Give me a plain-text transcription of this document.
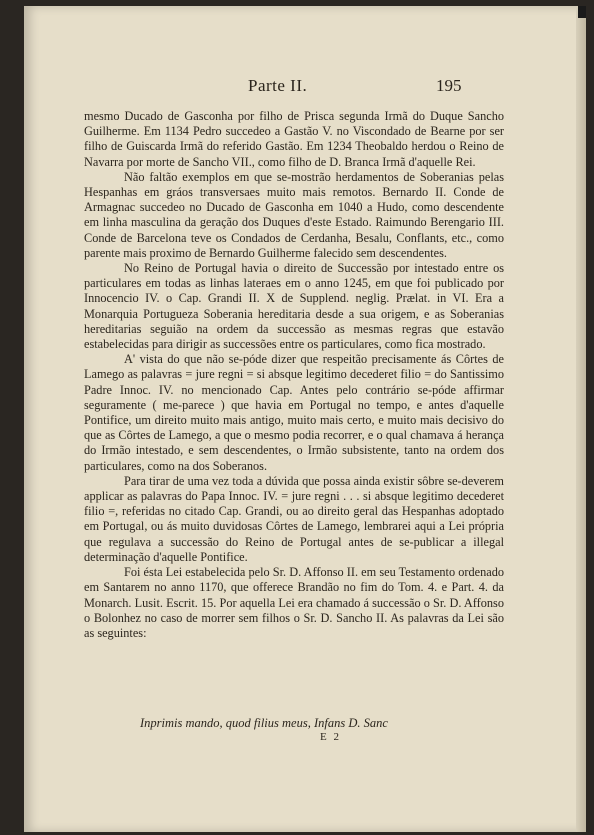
Parte II.	195

mesmo Ducado de Gasconha por filho de Prisca segunda Irmã do Duque Sancho Guilherme. Em 1134 Pedro succedeo a Gastão V. no Viscondado de Bearne por ser filho de Guiscarda Irmã do referido Gastão. Em 1234 Theobaldo herdou o Reino de Navarra por morte de Sancho VII., como filho de D. Branca Irmã d'aquelle Rei.

Não faltão exemplos em que se-mostrão herdamentos de Soberanias pelas Hespanhas em gráos transversaes muito mais remotos. Bernardo II. Conde de Armagnac succedeo no Ducado de Gasconha em 1040 a Hudo, como descendente em linha masculina da geração dos Duques d'este Estado. Raimundo Berengario III. Conde de Barcelona teve os Condados de Cerdanha, Besalu, Conflants, etc., como parente mais proximo de Bernardo Guilherme falecido sem descendentes.

No Reino de Portugal havia o direito de Successão por intestado entre os particulares em todas as linhas lateraes em o anno 1245, em que foi publicado por Innocencio IV. o Cap. Grandi II. X de Supplend. neglig. Prælat. in VI. Era a Monarquia Portugueza Soberania hereditaria desde a sua origem, e as Soberanias hereditarias seguião na ordem da successão as mesmas regras que estavão estabelecidas para dirigir as successões entre os particulares, como fica mostrado.

A' vista do que não se-póde dizer que respeitão precisamente ás Côrtes de Lamego as palavras = jure regni = si absque legitimo decederet filio = do Santissimo Padre Innoc. IV. no mencionado Cap. Antes pelo contrário se-póde affirmar seguramente ( me-parece ) que havia em Portugal no tempo, e antes d'aquelle Pontifice, um direito muito mais antigo, muito mais certo, e muito mais decisivo do que as Côrtes de Lamego, a que o mesmo podia recorrer, e o qual chamava á herança do Irmão intestado, e sem descendentes, o Irmão subsistente, tanto na ordem dos particulares, como na dos Soberanos.

Para tirar de uma vez toda a dúvida que possa ainda existir sôbre se-deverem applicar as palavras do Papa Innoc. IV. = jure regni . . . si absque legitimo decederet filio =, referidas no citado Cap. Grandi, ou ao direito geral das Hespanhas adoptado em Portugal, ou ás muito duvidosas Côrtes de Lamego, lembrarei aqui a Lei própria que regulava a successão do Reino de Portugal antes de se-publicar a illegal determinação d'aquelle Pontifice.

Foi ésta Lei estabelecida pelo Sr. D. Affonso II. em seu Testamento ordenado em Santarem no anno 1170, que offerece Brandão no fim do Tom. 4. e Part. 4. da Monarch. Lusit. Escrit. 15. Por aquella Lei era chamado á successão o Sr. D. Affonso o Bolonhez no caso de morrer sem filhos o Sr. D. Sancho II. As palavras da Lei são as seguintes:

Inprimis mando, quod filius meus, Infans D. Sanc
E 2
